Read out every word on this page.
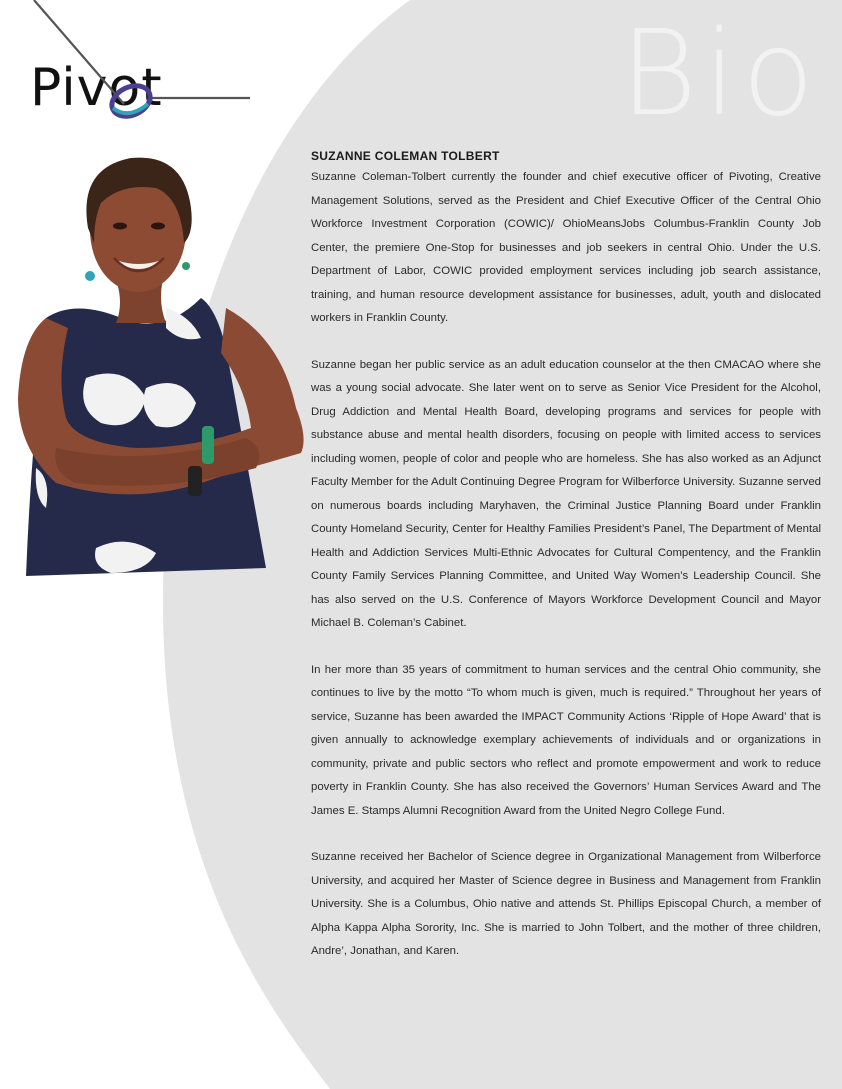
Bio
Pivot

SUZANNE COLEMAN TOLBERT

Suzanne Coleman-Tolbert currently the founder and chief executive officer of Pivoting, Creative Management Solutions, served as the President and Chief Executive Officer of the Central Ohio Workforce Investment Corporation (COWIC)/ OhioMeansJobs Columbus-Franklin County Job Center, the premiere One-Stop for businesses and job seekers in central Ohio. Under the U.S. Department of Labor, COWIC provided employment services including job search assistance, training, and human resource development assistance for businesses, adult, youth and dislocated workers in Franklin County.

Suzanne began her public service as an adult education counselor at the then CMACAO where she was a young social advocate. She later went on to serve as Senior Vice President for the Alcohol, Drug Addiction and Mental Health Board, developing programs and services for people with substance abuse and mental health disorders, focusing on people with limited access to services including women, people of color and people who are homeless. She has also worked as an Adjunct Faculty Member for the Adult Continuing Degree Program for Wilberforce University. Suzanne served on numerous boards including Maryhaven, the Criminal Justice Planning Board under Franklin County Homeland Security, Center for Healthy Families President’s Panel, The Department of Mental Health and Addiction Services Multi-Ethnic Advocates for Cultural Compentency, and the Franklin County Family Services Planning Committee, and United Way Women’s Leadership Council. She has also served on the U.S. Conference of Mayors Workforce Development Council and Mayor Michael B. Coleman’s Cabinet.

In her more than 35 years of commitment to human services and the central Ohio community, she continues to live by the motto “To whom much is given, much is required.” Throughout her years of service, Suzanne has been awarded the IMPACT Community Actions ‘Ripple of Hope Award’ that is given annually to acknowledge exemplary achievements of individuals and or organizations in community, private and public sectors who reflect and promote empowerment and work to reduce poverty in Franklin County. She has also received the Governors’ Human Services Award and The James E. Stamps Alumni Recognition Award from the United Negro College Fund.

Suzanne received her Bachelor of Science degree in Organizational Management from Wilberforce University, and acquired her Master of Science degree in Business and Management from Franklin University. She is a Columbus, Ohio native and attends St. Phillips Episcopal Church, a member of Alpha Kappa Alpha Sorority, Inc. She is married to John Tolbert, and the mother of three children, Andre’, Jonathan, and Karen.
